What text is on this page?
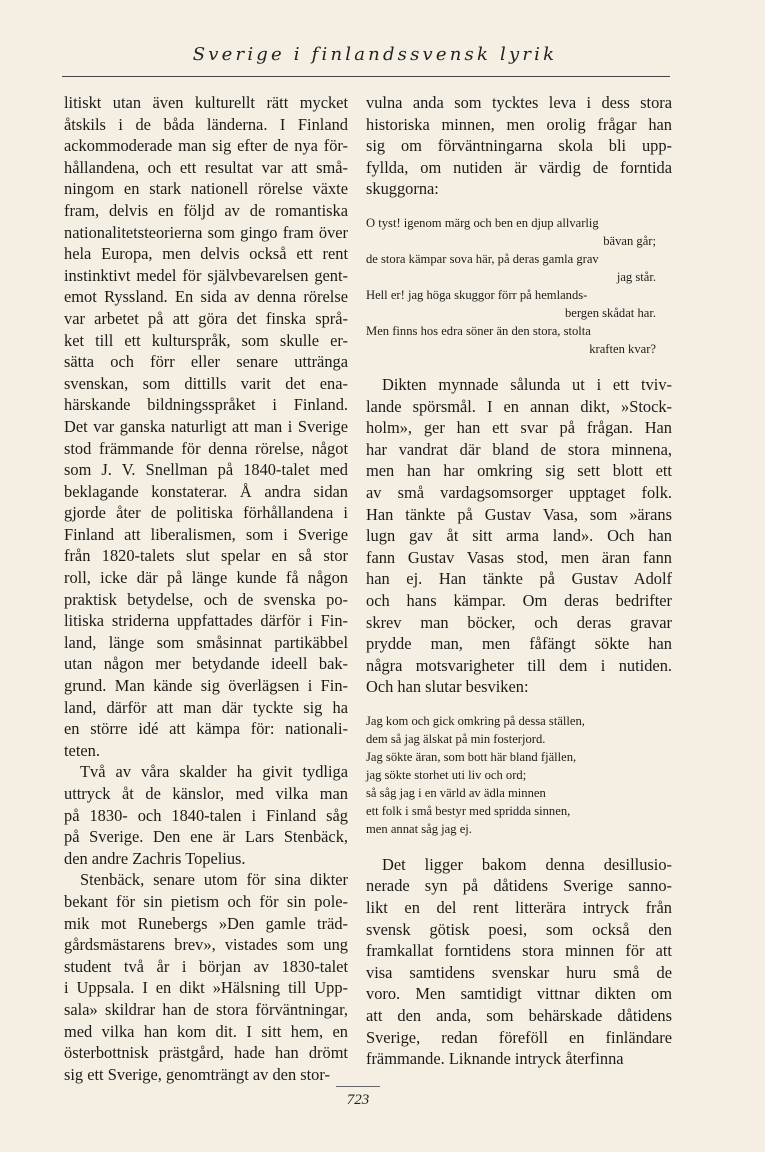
Sverige i finlandssvensk lyrik
litiskt utan även kulturellt rätt mycket
åtskils i de båda länderna. I Finland
ackommoderade man sig efter de nya för-
hållandena, och ett resultat var att små-
ningom en stark nationell rörelse växte
fram, delvis en följd av de romantiska
nationalitetsteorierna som gingo fram över
hela Europa, men delvis också ett rent
instinktivt medel för självbevarelsen gent-
emot Ryssland. En sida av denna rörelse
var arbetet på att göra det finska språ-
ket till ett kulturspråk, som skulle er-
sätta och förr eller senare uttränga
svenskan, som dittills varit det ena-
härskande bildningsspråket i Finland.
Det var ganska naturligt att man i Sverige
stod främmande för denna rörelse, något
som J. V. Snellman på 1840-talet med
beklagande konstaterar. Å andra sidan
gjorde åter de politiska förhållandena i
Finland att liberalismen, som i Sverige
från 1820-talets slut spelar en så stor
roll, icke där på länge kunde få någon
praktisk betydelse, och de svenska po-
litiska striderna uppfattades därför i Fin-
land, länge som småsinnat partikäbbel
utan någon mer betydande ideell bak-
grund. Man kände sig överlägsen i Fin-
land, därför att man där tyckte sig ha
en större idé att kämpa för: nationali-
teten.
Två av våra skalder ha givit tydliga
uttryck åt de känslor, med vilka man
på 1830- och 1840-talen i Finland såg
på Sverige. Den ene är Lars Stenbäck,
den andre Zachris Topelius.
Stenbäck, senare utom för sina dikter
bekant för sin pietism och för sin pole-
mik mot Runebergs »Den gamle träd-
gårdsmästarens brev», vistades som ung
student två år i början av 1830-talet
i Uppsala. I en dikt »Hälsning till Upp-
sala» skildrar han de stora förväntningar,
med vilka han kom dit. I sitt hem, en
österbottnisk prästgård, hade han drömt
sig ett Sverige, genomträngt av den stor-
vulna anda som tycktes leva i dess stora
historiska minnen, men orolig frågar han
sig om förväntningarna skola bli upp-
fyllda, om nutiden är värdig de forntida
skuggorna:
O tyst! igenom märg och ben en djup allvarlig
bävan går;
de stora kämpar sova här, på deras gamla grav
jag står.
Hell er! jag höga skuggor förr på hemlands-
bergen skådat har.
Men finns hos edra söner än den stora, stolta
kraften kvar?
Dikten mynnade sålunda ut i ett tviv-
lande spörsmål. I en annan dikt, »Stock-
holm», ger han ett svar på frågan. Han
har vandrat där bland de stora minnena,
men han har omkring sig sett blott ett
av små vardagsomsorger upptaget folk.
Han tänkte på Gustav Vasa, som »ärans
lugn gav åt sitt arma land». Och han
fann Gustav Vasas stod, men äran fann
han ej. Han tänkte på Gustav Adolf
och hans kämpar. Om deras bedrifter
skrev man böcker, och deras gravar
prydde man, men fåfängt sökte han
några motsvarigheter till dem i nutiden.
Och han slutar besviken:
Jag kom och gick omkring på dessa ställen,
dem så jag älskat på min fosterjord.
Jag sökte äran, som bott här bland fjällen,
jag sökte storhet uti liv och ord;
så såg jag i en värld av ädla minnen
ett folk i små bestyr med spridda sinnen,
men annat såg jag ej.
Det ligger bakom denna desillusio-
nerade syn på dåtidens Sverige sanno-
likt en del rent litterära intryck från
svensk götisk poesi, som också den
framkallat forntidens stora minnen för att
visa samtidens svenskar huru små de
voro. Men samtidigt vittnar dikten om
att den anda, som behärskade dåtidens
Sverige, redan föreföll en finländare
främmande. Liknande intryck återfinna
723
